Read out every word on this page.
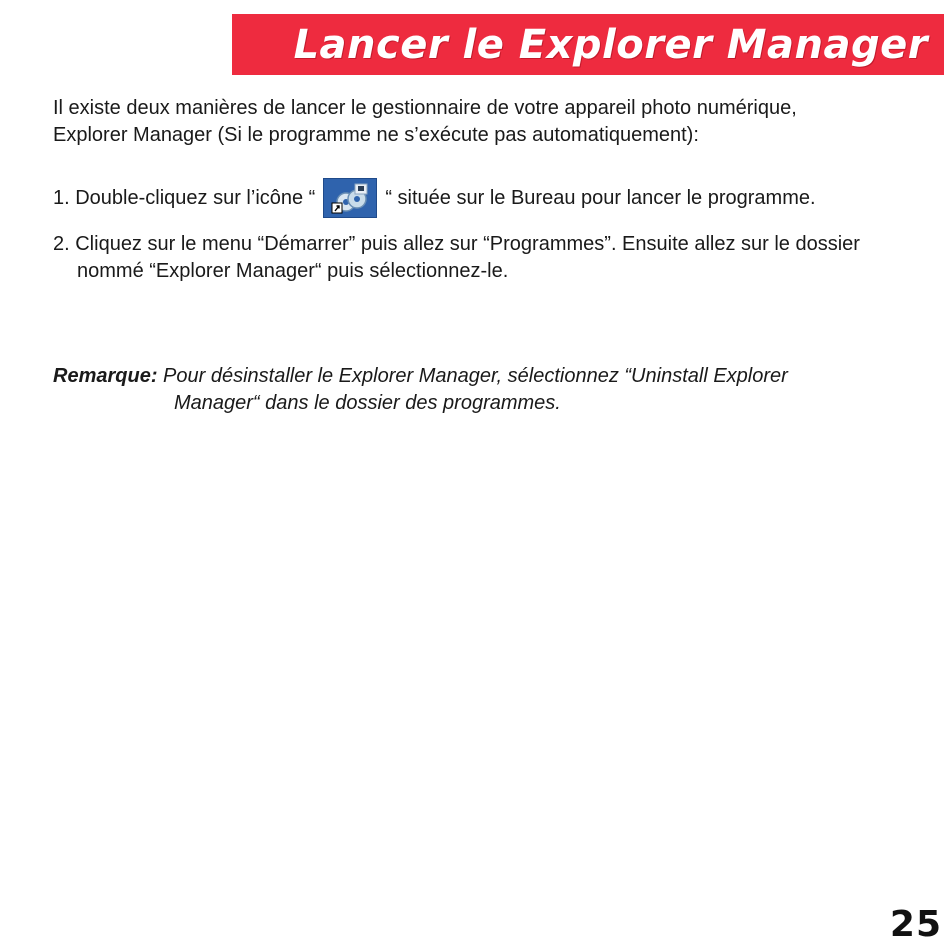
Lancer le Explorer Manager
Il existe deux manières de lancer le gestionnaire de votre appareil photo numérique,
Explorer Manager (Si le programme ne s’exécute pas automatiquement):
1. Double-cliquez sur l’icône “	“ située sur le Bureau pour lancer le programme.
2. Cliquez sur le menu “Démarrer” puis allez sur “Programmes”. Ensuite allez sur le dossier
nommé “Explorer Manager“ puis sélectionnez-le.
Remarque: Pour désinstaller le Explorer Manager, sélectionnez “Uninstall Explorer
Manager“ dans le dossier des programmes.
25
